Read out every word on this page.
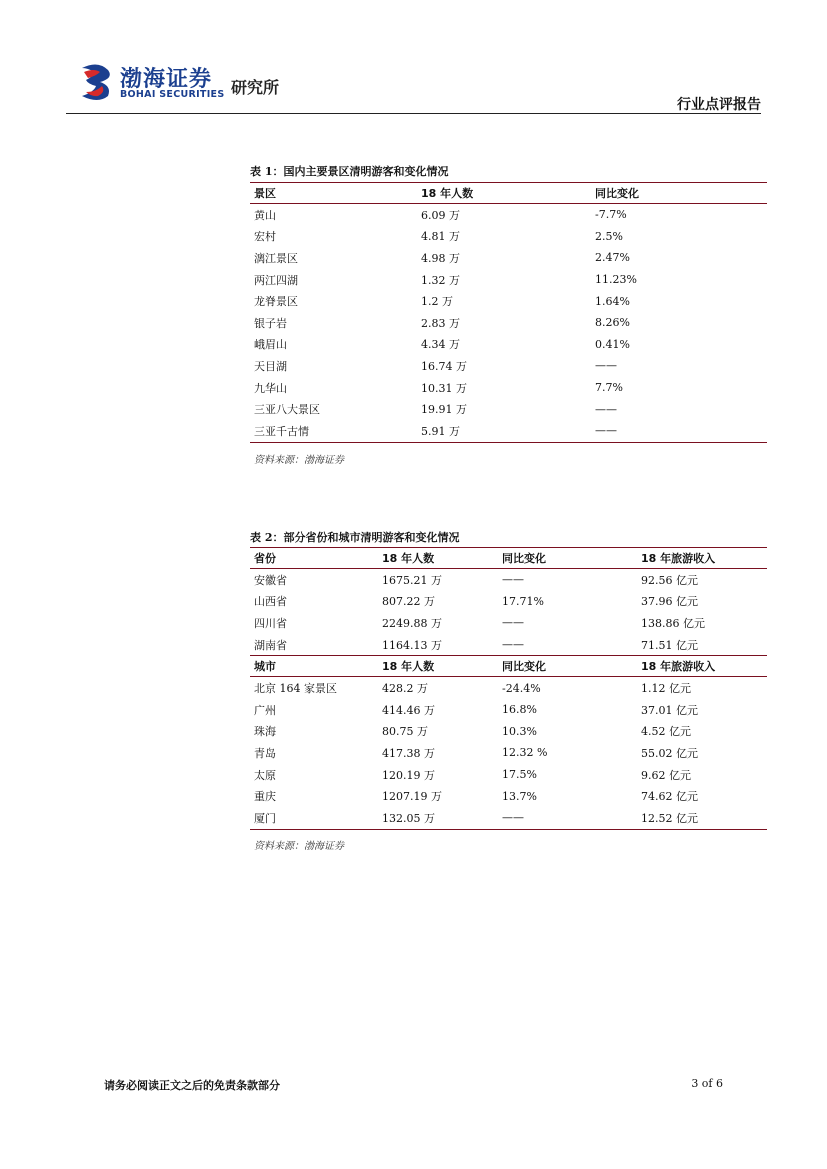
渤海证券
BOHAI SECURITIES 研究所
行业点评报告
表 1：国内主要景区清明游客和变化情况
景区	18 年人数	同比变化
黄山	6.09 万	-7.7%
宏村	4.81 万	2.5%
漓江景区	4.98 万	2.47%
两江四湖	1.32 万	11.23%
龙脊景区	1.2 万	1.64%
银子岩	2.83 万	8.26%
峨眉山	4.34 万	0.41%
天目湖	16.74 万	——
九华山	10.31 万	7.7%
三亚八大景区	19.91 万	——
三亚千古情	5.91 万	——
资料来源：渤海证券
表 2：部分省份和城市清明游客和变化情况
省份	18 年人数	同比变化	18 年旅游收入
安徽省	1675.21 万	——	92.56 亿元
山西省	807.22 万	17.71%	37.96 亿元
四川省	2249.88 万	——	138.86 亿元
湖南省	1164.13 万	——	71.51 亿元
城市	18 年人数	同比变化	18 年旅游收入
北京 164 家景区	428.2 万	-24.4%	1.12 亿元
广州	414.46 万	16.8%	37.01 亿元
珠海	80.75 万	10.3%	4.52 亿元
青岛	417.38 万	12.32 %	55.02 亿元
太原	120.19 万	17.5%	9.62 亿元
重庆	1207.19 万	13.7%	74.62 亿元
厦门	132.05 万	——	12.52 亿元
资料来源：渤海证券
请务必阅读正文之后的免责条款部分	3 of 6
